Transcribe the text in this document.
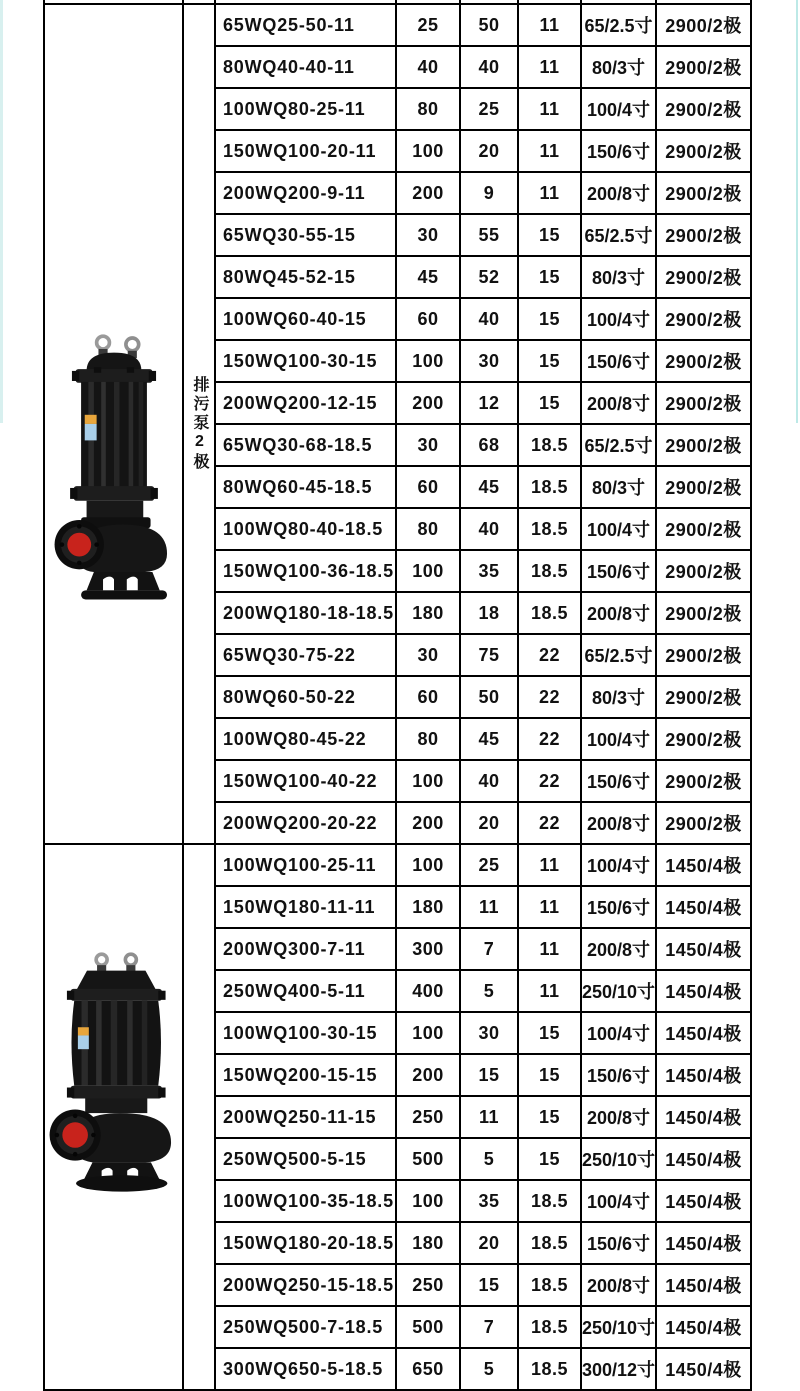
排污泵2极
65WQ25-50-11	25	50	11	65/2.5寸 2900/2极
80WQ40-40-11	40	40	11	80/3寸	2900/2极
100WQ80-25-11	80	25	11	100/4寸 2900/2极
150WQ100-20-11	100	20	11	150/6寸 2900/2极
200WQ200-9-11	200	9	11	200/8寸 2900/2极
65WQ30-55-15	30	55	15	65/2.5寸 2900/2极
80WQ45-52-15	45	52	15	80/3寸	2900/2极
100WQ60-40-15	60	40	15	100/4寸 2900/2极
150WQ100-30-15	100	30	15	150/6寸 2900/2极
200WQ200-12-15	200	12	15	200/8寸 2900/2极
65WQ30-68-18.5	30	68	18.5 65/2.5寸 2900/2极
80WQ60-45-18.5	60	45	18.5	80/3寸	2900/2极
100WQ80-40-18.5	80	40	18.5	100/4寸 2900/2极
150WQ100-36-18.5	100	35	18.5	150/6寸 2900/2极
200WQ180-18-18.5	180	18	18.5	200/8寸 2900/2极
65WQ30-75-22	30	75	22	65/2.5寸 2900/2极
80WQ60-50-22	60	50	22	80/3寸	2900/2极
100WQ80-45-22	80	45	22	100/4寸 2900/2极
150WQ100-40-22	100	40	22	150/6寸 2900/2极
200WQ200-20-22	200	20	22	200/8寸 2900/2极
100WQ100-25-11	100	25	11	100/4寸 1450/4极
150WQ180-11-11	180	11	11	150/6寸 1450/4极
200WQ300-7-11	300	7	11	200/8寸 1450/4极
250WQ400-5-11	400	5	11	250/10寸 1450/4极
100WQ100-30-15	100	30	15	100/4寸 1450/4极
150WQ200-15-15	200	15	15	150/6寸 1450/4极
200WQ250-11-15	250	11	15	200/8寸 1450/4极
250WQ500-5-15	500	5	15	250/10寸 1450/4极
100WQ100-35-18.5	100	35	18.5	100/4寸 1450/4极
150WQ180-20-18.5	180	20	18.5	150/6寸 1450/4极
200WQ250-15-18.5	250	15	18.5	200/8寸 1450/4极
250WQ500-7-18.5	500	7	18.5 250/10寸 1450/4极
300WQ650-5-18.5	650	5	18.5 300/12寸 1450/4极
